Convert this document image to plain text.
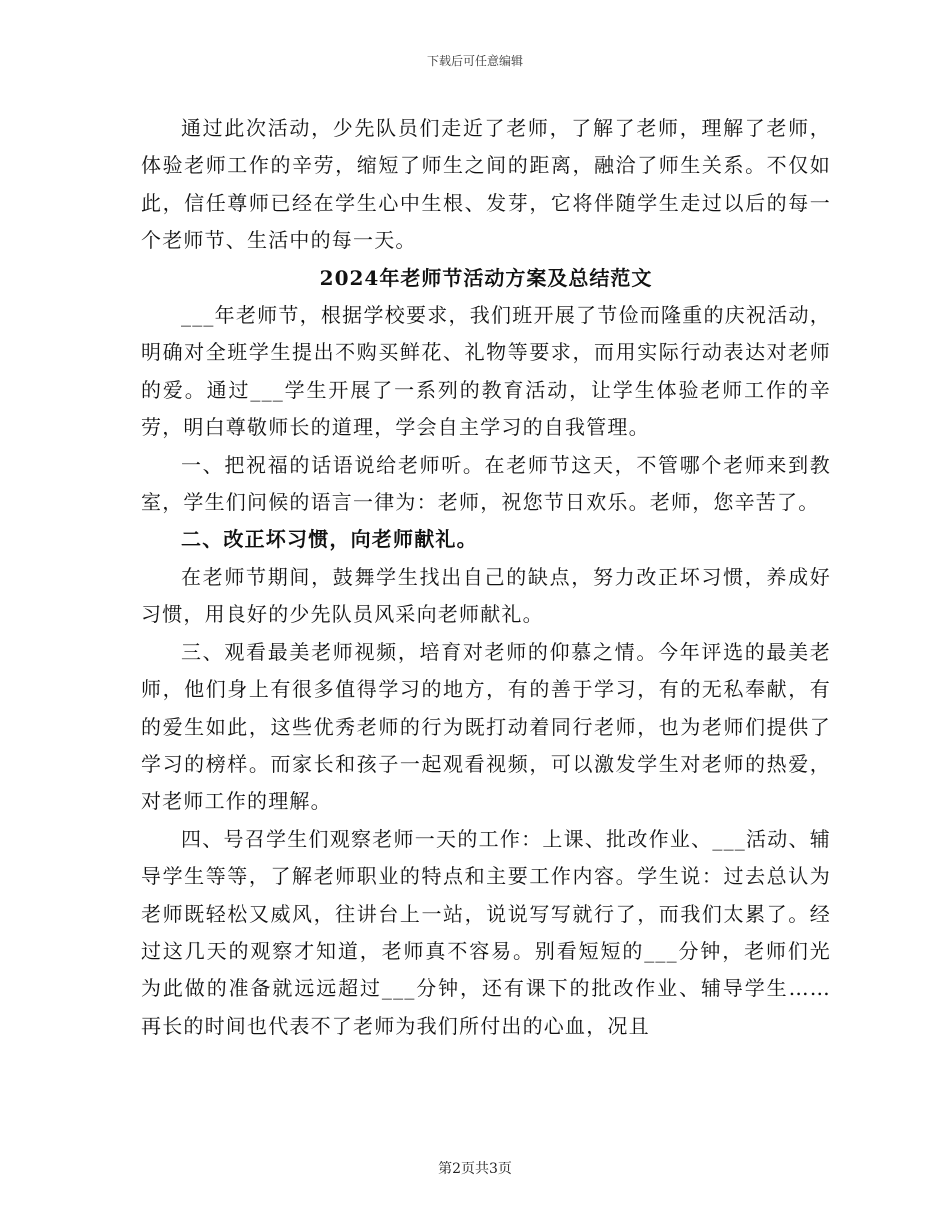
下载后可任意编辑

通过此次活动，少先队员们走近了老师，了解了老师，理解了老师，体验老师工作的辛劳，缩短了师生之间的距离，融洽了师生关系。不仅如此，信任尊师已经在学生心中生根、发芽，它将伴随学生走过以后的每一个老师节、生活中的每一天。

2024年老师节活动方案及总结范文

___年老师节，根据学校要求，我们班开展了节俭而隆重的庆祝活动，明确对全班学生提出不购买鲜花、礼物等要求，而用实际行动表达对老师的爱。通过___学生开展了一系列的教育活动，让学生体验老师工作的辛劳，明白尊敬师长的道理，学会自主学习的自我管理。

一、把祝福的话语说给老师听。在老师节这天，不管哪个老师来到教室，学生们问候的语言一律为：老师，祝您节日欢乐。老师，您辛苦了。

二、改正坏习惯，向老师献礼。

在老师节期间，鼓舞学生找出自己的缺点，努力改正坏习惯，养成好习惯，用良好的少先队员风采向老师献礼。

三、观看最美老师视频，培育对老师的仰慕之情。今年评选的最美老师，他们身上有很多值得学习的地方，有的善于学习，有的无私奉献，有的爱生如此，这些优秀老师的行为既打动着同行老师，也为老师们提供了学习的榜样。而家长和孩子一起观看视频，可以激发学生对老师的热爱，对老师工作的理解。

四、号召学生们观察老师一天的工作：上课、批改作业、___活动、辅导学生等等，了解老师职业的特点和主要工作内容。学生说：过去总认为老师既轻松又威风，往讲台上一站，说说写写就行了，而我们太累了。经过这几天的观察才知道，老师真不容易。别看短短的___分钟，老师们光为此做的准备就远远超过___分钟，还有课下的批改作业、辅导学生……再长的时间也代表不了老师为我们所付出的心血，况且

第2页共3页
